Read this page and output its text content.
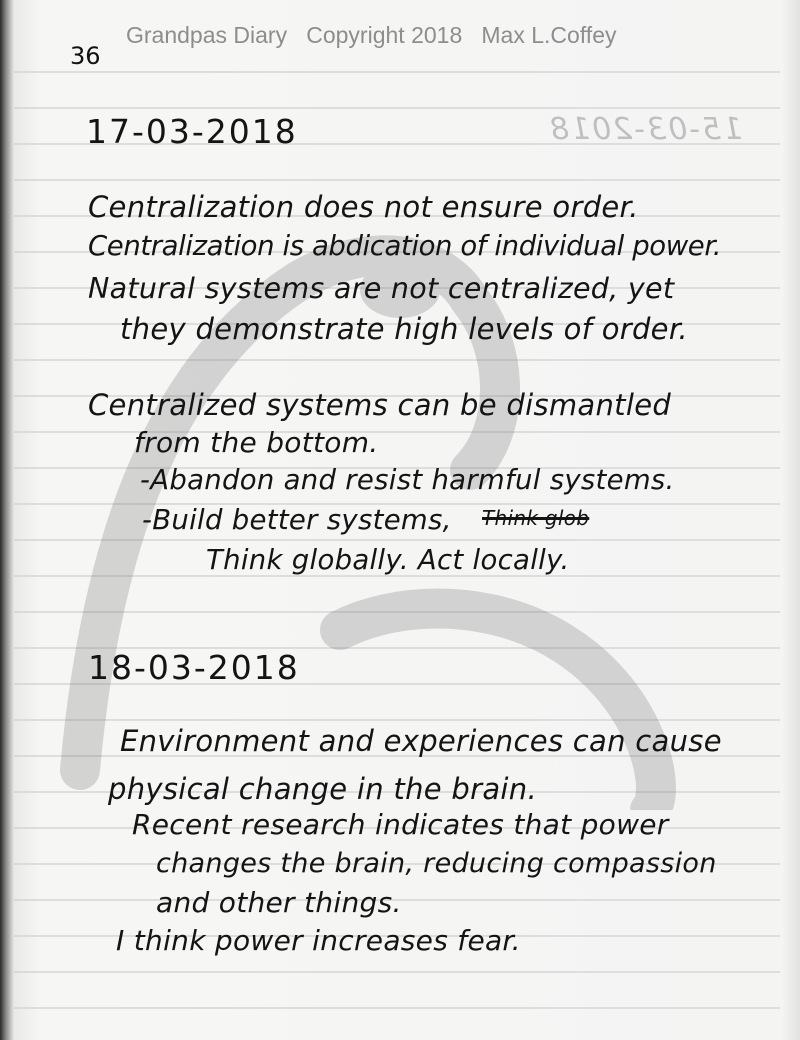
15-03-2018
36
Grandpas Diary   Copyright 2018   Max L.Coffey
17-03-2018
Centralization does not ensure order.
Centralization is abdication of individual power.
Natural systems are not centralized, yet
they demonstrate high levels of order.
Centralized systems can be dismantled
from the bottom.
-Abandon and resist harmful systems.
-Build better systems, Think glob
Think globally. Act locally.
18-03-2018
Environment and experiences can cause
physical change in the brain.
Recent research indicates that power
changes the brain, reducing compassion
and other things.
I think power increases fear.
